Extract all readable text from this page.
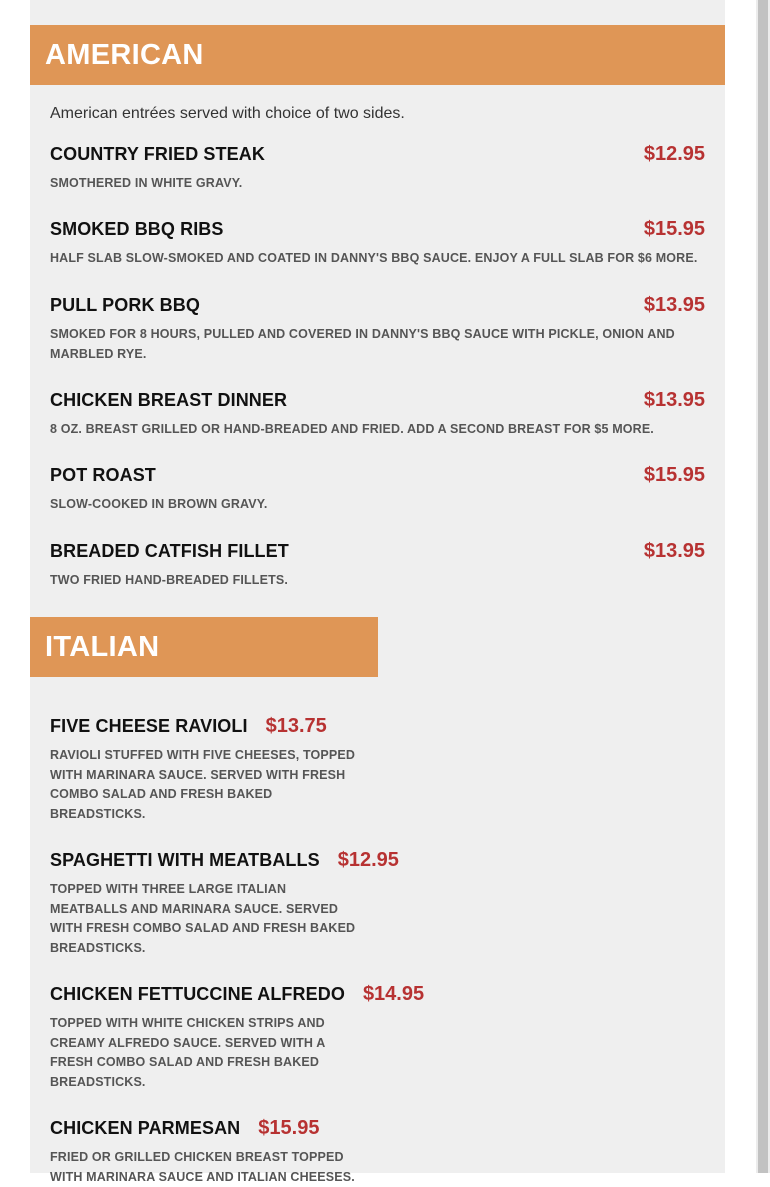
AMERICAN
American entrées served with choice of two sides.
COUNTRY FRIED STEAK	$12.95
SMOTHERED IN WHITE GRAVY.
SMOKED BBQ RIBS	$15.95
HALF SLAB SLOW-SMOKED AND COATED IN DANNY'S BBQ SAUCE. ENJOY A FULL SLAB FOR $6 MORE.
PULL PORK BBQ	$13.95
SMOKED FOR 8 HOURS, PULLED AND COVERED IN DANNY'S BBQ SAUCE WITH PICKLE, ONION AND MARBLED RYE.
CHICKEN BREAST DINNER	$13.95
8 OZ. BREAST GRILLED OR HAND-BREADED AND FRIED. ADD A SECOND BREAST FOR $5 MORE.
POT ROAST	$15.95
SLOW-COOKED IN BROWN GRAVY.
BREADED CATFISH FILLET	$13.95
TWO FRIED HAND-BREADED FILLETS.
ITALIAN
FIVE CHEESE RAVIOLI $13.75
RAVIOLI STUFFED WITH FIVE CHEESES, TOPPED WITH MARINARA SAUCE. SERVED WITH FRESH COMBO SALAD AND FRESH BAKED BREADSTICKS.
SPAGHETTI WITH MEATBALLS $12.95
TOPPED WITH THREE LARGE ITALIAN MEATBALLS AND MARINARA SAUCE. SERVED WITH FRESH COMBO SALAD AND FRESH BAKED BREADSTICKS.
CHICKEN FETTUCCINE ALFREDO $14.95
TOPPED WITH WHITE CHICKEN STRIPS AND CREAMY ALFREDO SAUCE. SERVED WITH A FRESH COMBO SALAD AND FRESH BAKED BREADSTICKS.
CHICKEN PARMESAN $15.95
FRIED OR GRILLED CHICKEN BREAST TOPPED WITH MARINARA SAUCE AND ITALIAN CHEESES.
